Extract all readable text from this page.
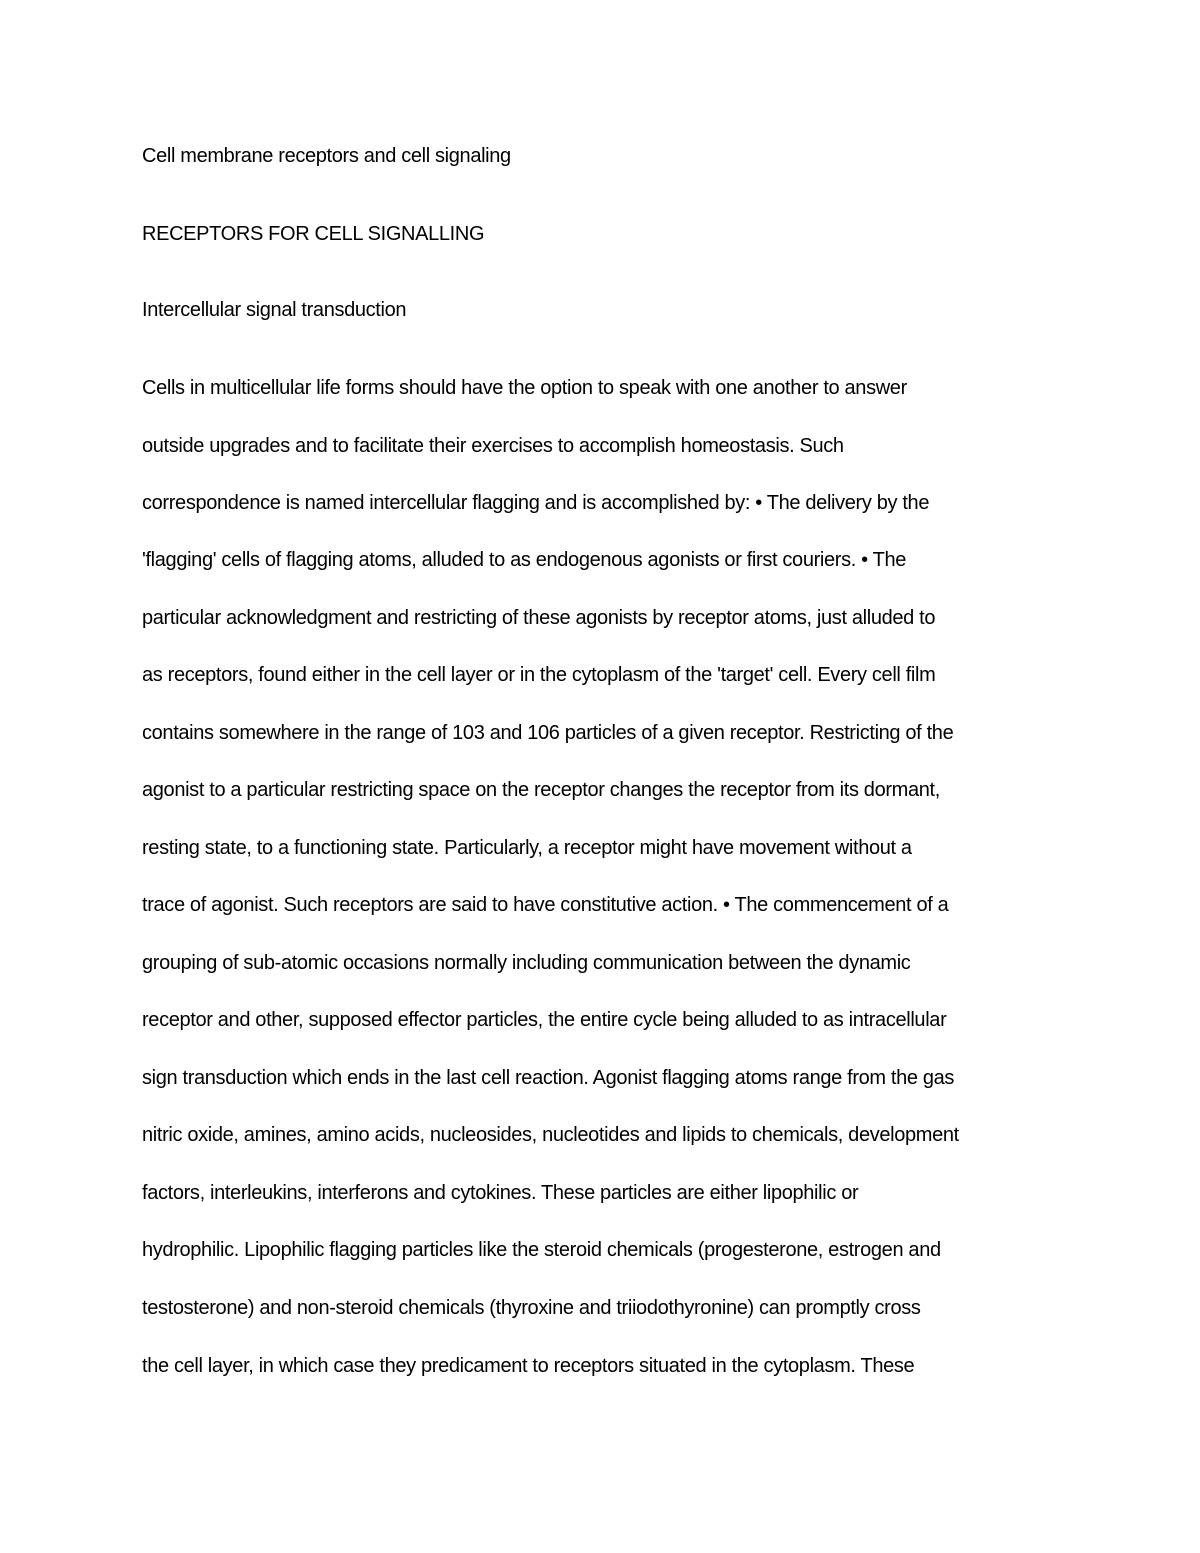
Cell membrane receptors and cell signaling
RECEPTORS FOR CELL SIGNALLING
Intercellular signal transduction
Cells in multicellular life forms should have the option to speak with one another to answer
outside upgrades and to facilitate their exercises to accomplish homeostasis. Such
correspondence is named intercellular flagging and is accomplished by: • The delivery by the
'flagging' cells of flagging atoms, alluded to as endogenous agonists or first couriers. • The
particular acknowledgment and restricting of these agonists by receptor atoms, just alluded to
as receptors, found either in the cell layer or in the cytoplasm of the 'target' cell. Every cell film
contains somewhere in the range of 103 and 106 particles of a given receptor. Restricting of the
agonist to a particular restricting space on the receptor changes the receptor from its dormant,
resting state, to a functioning state. Particularly, a receptor might have movement without a
trace of agonist. Such receptors are said to have constitutive action. • The commencement of a
grouping of sub-atomic occasions normally including communication between the dynamic
receptor and other, supposed effector particles, the entire cycle being alluded to as intracellular
sign transduction which ends in the last cell reaction. Agonist flagging atoms range from the gas
nitric oxide, amines, amino acids, nucleosides, nucleotides and lipids to chemicals, development
factors, interleukins, interferons and cytokines. These particles are either lipophilic or
hydrophilic. Lipophilic flagging particles like the steroid chemicals (progesterone, estrogen and
testosterone) and non-steroid chemicals (thyroxine and triiodothyronine) can promptly cross
the cell layer, in which case they predicament to receptors situated in the cytoplasm. These
